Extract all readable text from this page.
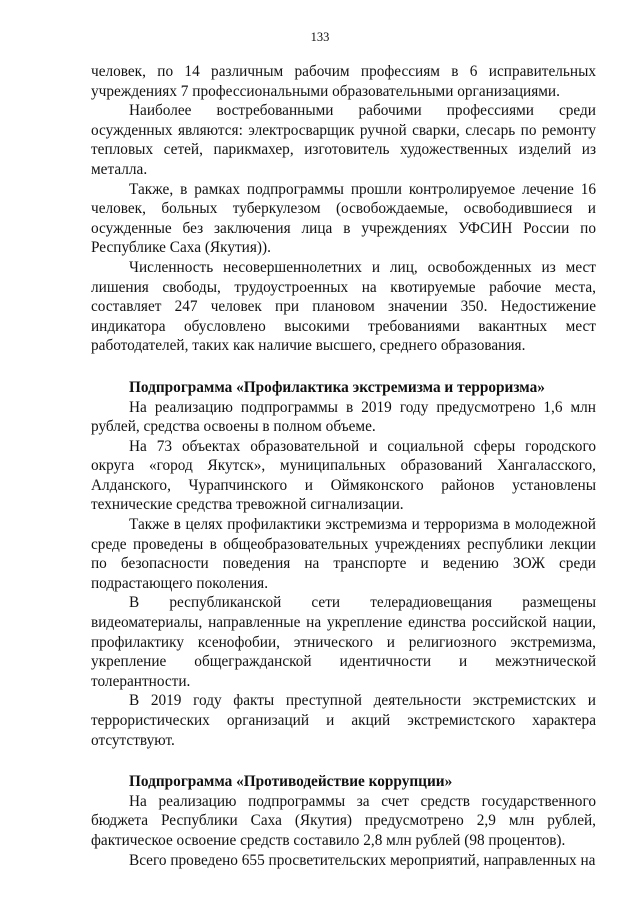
133

человек, по 14 различным рабочим профессиям в 6 исправительных учреждениях 7 профессиональными образовательными организациями.

Наиболее востребованными рабочими профессиями среди осужденных являются: электросварщик ручной сварки, слесарь по ремонту тепловых сетей, парикмахер, изготовитель художественных изделий из металла.

Также, в рамках подпрограммы прошли контролируемое лечение 16 человек, больных туберкулезом (освобождаемые, освободившиеся и осужденные без заключения лица в учреждениях УФСИН России по Республике Саха (Якутия)).

Численность несовершеннолетних и лиц, освобожденных из мест лишения свободы, трудоустроенных на квотируемые рабочие места, составляет 247 человек при плановом значении 350. Недостижение индикатора обусловлено высокими требованиями вакантных мест работодателей, таких как наличие высшего, среднего образования.

Подпрограмма «Профилактика экстремизма и терроризма»

На реализацию подпрограммы в 2019 году предусмотрено 1,6 млн рублей, средства освоены в полном объеме.

На 73 объектах образовательной и социальной сферы городского округа «город Якутск», муниципальных образований Хангаласского, Алданского, Чурапчинского и Оймяконского районов установлены технические средства тревожной сигнализации.

Также в целях профилактики экстремизма и терроризма в молодежной среде проведены в общеобразовательных учреждениях республики лекции по безопасности поведения на транспорте и ведению ЗОЖ среди подрастающего поколения.

В республиканской сети телерадиовещания размещены видеоматериалы, направленные на укрепление единства российской нации, профилактику ксенофобии, этнического и религиозного экстремизма, укрепление общегражданской идентичности и межэтнической толерантности.

В 2019 году факты преступной деятельности экстремистских и террористических организаций и акций экстремистского характера отсутствуют.

Подпрограмма «Противодействие коррупции»

На реализацию подпрограммы за счет средств государственного бюджета Республики Саха (Якутия) предусмотрено 2,9 млн рублей, фактическое освоение средств составило 2,8 млн рублей (98 процентов).

Всего проведено 655 просветительских мероприятий, направленных на
